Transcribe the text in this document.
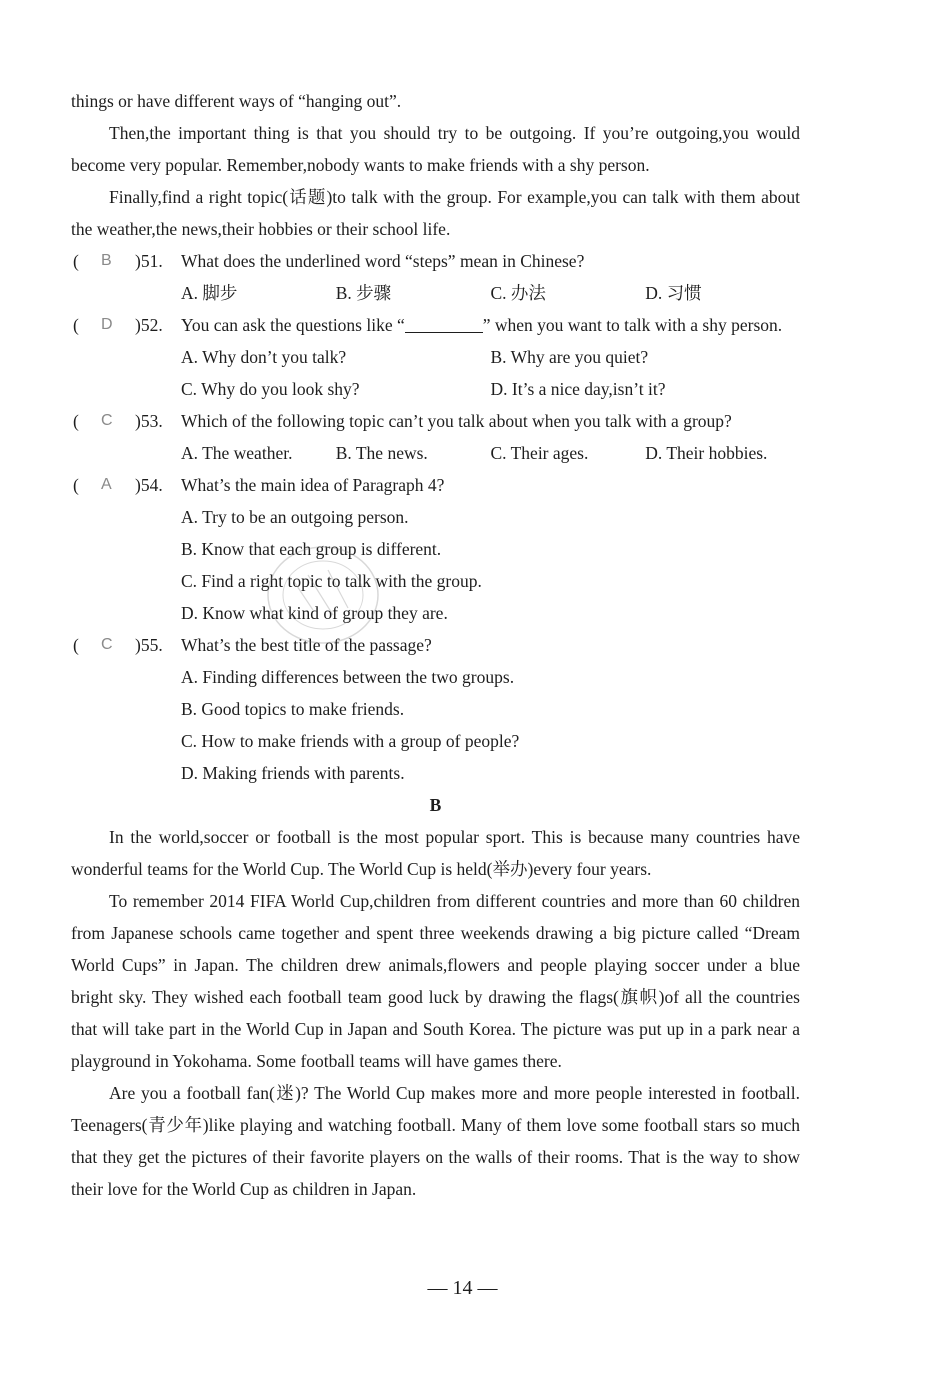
things or have different ways of “hanging out”.

Then,the important thing is that you should try to be outgoing. If you’re outgoing,you would become very popular. Remember,nobody wants to make friends with a shy person.

Finally,find a right topic(话题)to talk with the group. For example,you can talk with them about the weather,the news,their hobbies or their school life.

( B )51. What does the underlined word “steps” mean in Chinese?
A. 脚步	B. 步骤	C. 办法	D. 习惯
( D )52. You can ask the questions like “	” when you want to talk with a shy person.

A. Why don’t you talk?	B. Why are you quiet?
C. Why do you look shy?	D. It’s a nice day,isn’t it?
( C )53. Which of the following topic can’t you talk about when you talk with a group?
A. The weather.	B. The news.	C. Their ages.	D. Their hobbies.
( A )54. What’s the main idea of Paragraph 4?
A. Try to be an outgoing person.
B. Know that each group is different.
C. Find a right topic to talk with the group.
D. Know what kind of group they are.
( C )55. What’s the best title of the passage?
A. Finding differences between the two groups.
B. Good topics to make friends.
C. How to make friends with a group of people?
D. Making friends with parents.

B

In the world,soccer or football is the most popular sport. This is because many countries have wonderful teams for the World Cup. The World Cup is held(举办)every four years.

To remember 2014 FIFA World Cup,children from different countries and more than 60 children from Japanese schools came together and spent three weekends drawing a big picture called “Dream World Cups” in Japan. The children drew animals,flowers and people playing soccer under a blue bright sky. They wished each football team good luck by drawing the flags(旗帜)of all the countries that will take part in the World Cup in Japan and South Korea. The picture was put up in a park near a playground in Yokohama. Some football teams will have games there.

Are you a football fan(迷)? The World Cup makes more and more people interested in football. Teenagers(青少年)like playing and watching football. Many of them love some football stars so much that they get the pictures of their favorite players on the walls of their rooms. That is the way to show their love for the World Cup as children in Japan.

— 14 —
